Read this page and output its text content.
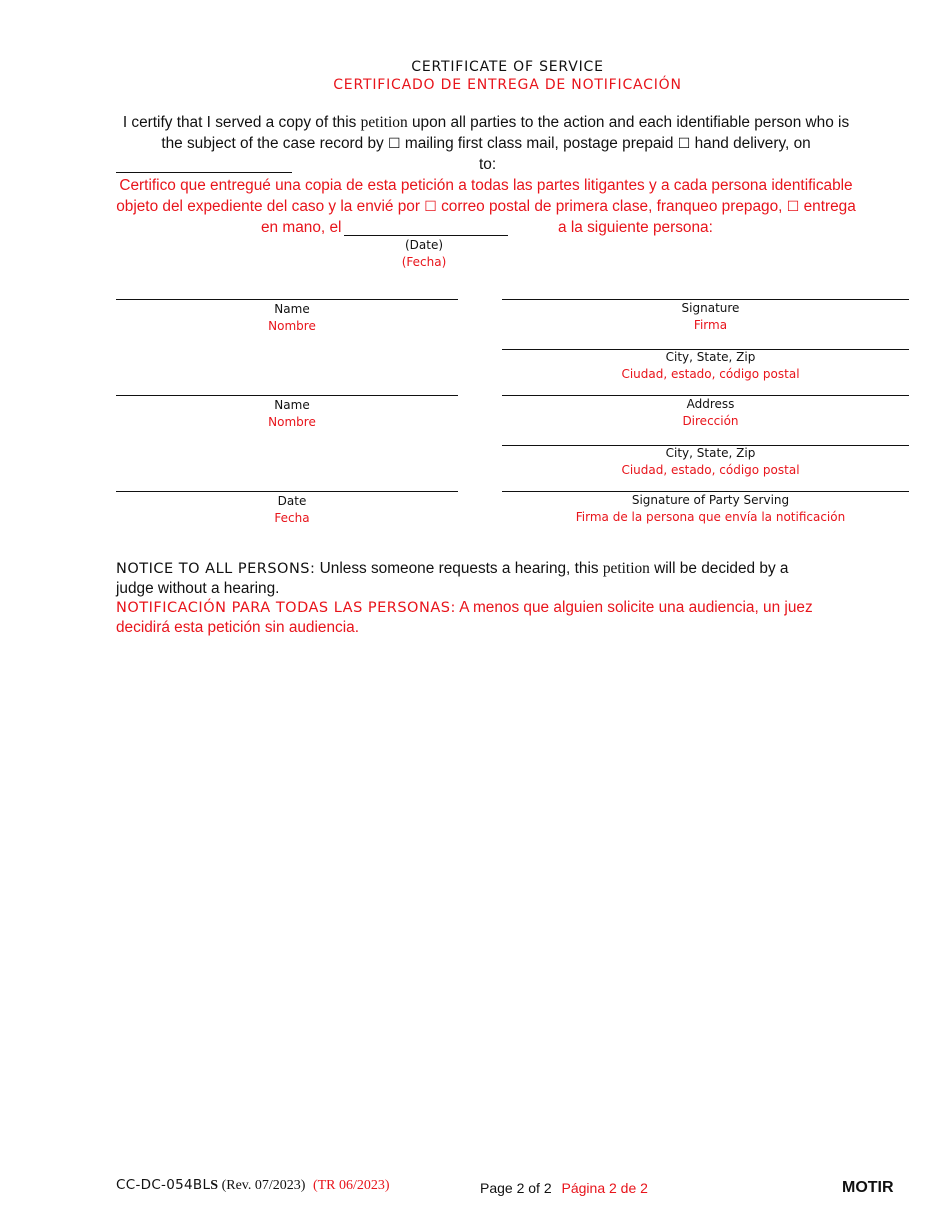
CERTIFICATE OF SERVICE
CERTIFICADO DE ENTREGA DE NOTIFICACIÓN
I certify that I served a copy of this petition upon all parties to the action and each identifiable person who is
the subject of the case record by ☐ mailing first class mail, postage prepaid ☐ hand delivery, on
to:
Certifico que entregué una copia de esta petición a todas las partes litigantes y a cada persona identificable
objeto del expediente del caso y la envié por ☐ correo postal de primera clase, franqueo prepago, ☐ entrega
en mano, el	a la siguiente persona:
(Date)
(Fecha)
Name
Nombre
Name
Nombre
Date
Fecha
Signature
Firma
City, State, Zip
Ciudad, estado, código postal
Address
Dirección
City, State, Zip
Ciudad, estado, código postal
Signature of Party Serving
Firma de la persona que envía la notificación
NOTICE TO ALL PERSONS: Unless someone requests a hearing, this petition will be decided by a
judge without a hearing.
NOTIFICACIÓN PARA TODAS LAS PERSONAS: A menos que alguien solicite una audiencia, un juez
decidirá esta petición sin audiencia.
CC-DC-054BLS (Rev. 07/2023) (TR 06/2023)	Page 2 of 2 Página 2 de 2	MOTIR
